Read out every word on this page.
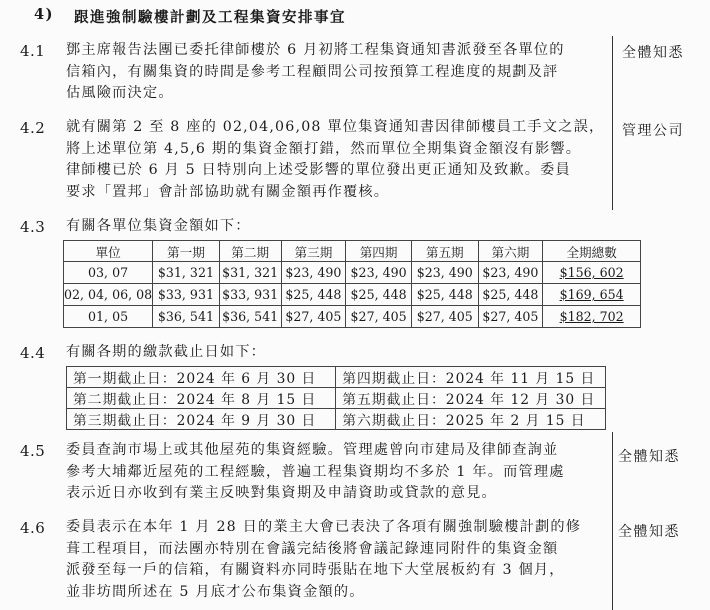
4) 跟進強制驗樓計劃及工程集資安排事宜
4.1 鄧主席報告法團已委托律師樓於 6 月初將工程集資通知書派發至各單位的
信箱內，有關集資的時間是參考工程顧問公司按預算工程進度的規劃及評
估風險而決定。
全體知悉
4.2 就有關第 2 至 8 座的 02,04,06,08 單位集資通知書因律師樓員工手文之誤，
將上述單位第 4,5,6 期的集資金額打錯，然而單位全期集資金額沒有影響。
律師樓已於 6 月 5 日特別向上述受影響的單位發出更正通知及致歉。委員
要求「置邦」會計部協助就有關金額再作覆核。
管理公司
4.3 有關各單位集資金額如下：
單位	第一期	第二期	第三期	第四期	第五期	第六期	全期總數
03, 07	$31, 321	$31, 321	$23, 490	$23, 490	$23, 490	$23, 490	$156, 602
02, 04, 06, 08	$33, 931	$33, 931	$25, 448	$25, 448	$25, 448	$25, 448	$169, 654
01, 05	$36, 541	$36, 541	$27, 405	$27, 405	$27, 405	$27, 405	$182, 702
4.4 有關各期的繳款截止日如下：
第一期截止日：2024 年 6 月 30 日	第四期截止日：2024 年 11 月 15 日
第二期截止日：2024 年 8 月 15 日	第五期截止日：2024 年 12 月 30 日
第三期截止日：2024 年 9 月 30 日	第六期截止日：2025 年 2 月 15 日
4.5 委員查詢市場上或其他屋苑的集資經驗。管理處曾向市建局及律師查詢並
參考大埔鄰近屋苑的工程經驗，普遍工程集資期均不多於 1 年。而管理處
表示近日亦收到有業主反映對集資期及申請資助或貸款的意見。
全體知悉
4.6 委員表示在本年 1 月 28 日的業主大會已表決了各項有關強制驗樓計劃的修
葺工程項目，而法團亦特別在會議完結後將會議記錄連同附件的集資金額
派發至每一戶的信箱，有關資料亦同時張貼在地下大堂展板約有 3 個月，
並非坊間所述在 5 月底才公布集資金額的。
全體知悉
